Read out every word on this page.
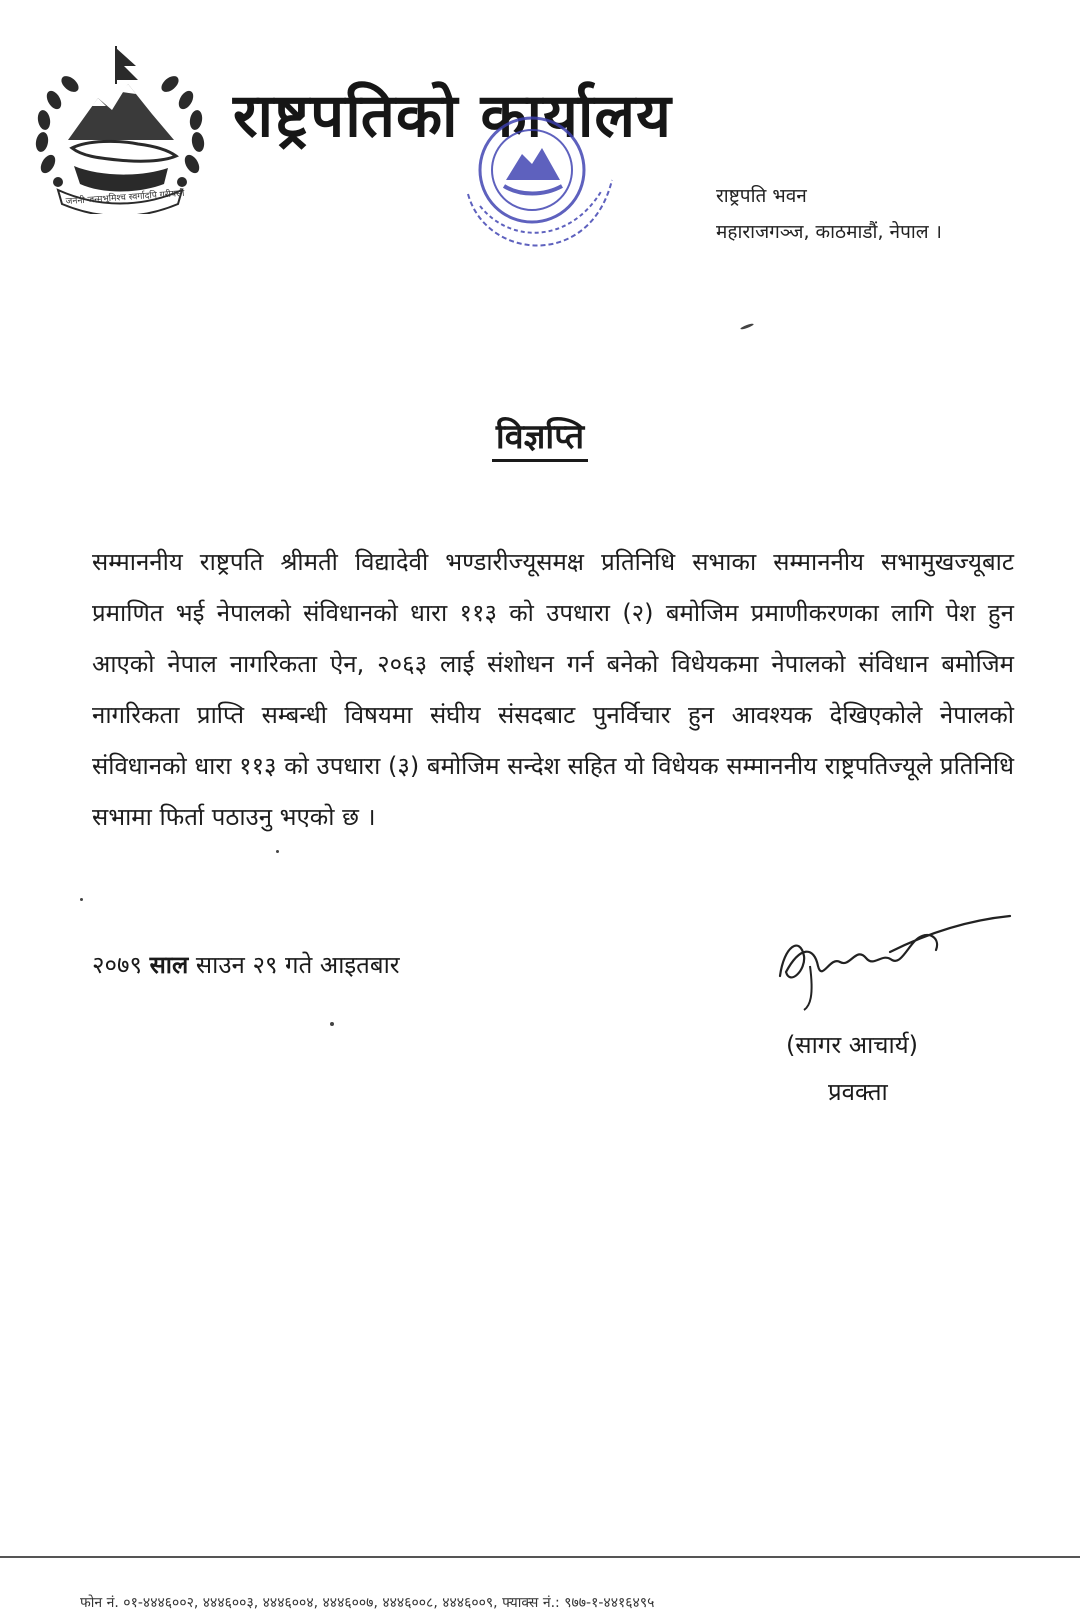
जननी जन्मभूमिश्च स्वर्गादपि गरीयसी
राष्ट्रपतिको कार्यालय
राष्ट्रपति भवन
महाराजगञ्ज, काठमाडौं, नेपाल ।
विज्ञप्ति
सम्माननीय राष्ट्रपति श्रीमती विद्यादेवी भण्डारीज्यूसमक्ष प्रतिनिधि सभाका सम्माननीय सभामुखज्यूबाट प्रमाणित भई नेपालको संविधानको धारा ११३ को उपधारा (२) बमोजिम प्रमाणीकरणका लागि पेश हुन आएको नेपाल नागरिकता ऐन, २०६३ लाई संशोधन गर्न बनेको विधेयकमा नेपालको संविधान बमोजिम नागरिकता प्राप्ति सम्बन्धी विषयमा संघीय संसदबाट पुनर्विचार हुन आवश्यक देखिएकोले नेपालको संविधानको धारा ११३ को उपधारा (३) बमोजिम सन्देश सहित यो विधेयक सम्माननीय राष्ट्रपतिज्यूले प्रतिनिधि सभामा फिर्ता पठाउनु भएको छ ।
२०७९ साल साउन २९ गते आइतबार
(सागर आचार्य)
प्रवक्ता
फोन नं. ०१-४४४६००२, ४४४६००३, ४४४६००४, ४४४६००७, ४४४६००८, ४४४६००९, फ्याक्स नं.: ९७७-१-४४१६४९५
